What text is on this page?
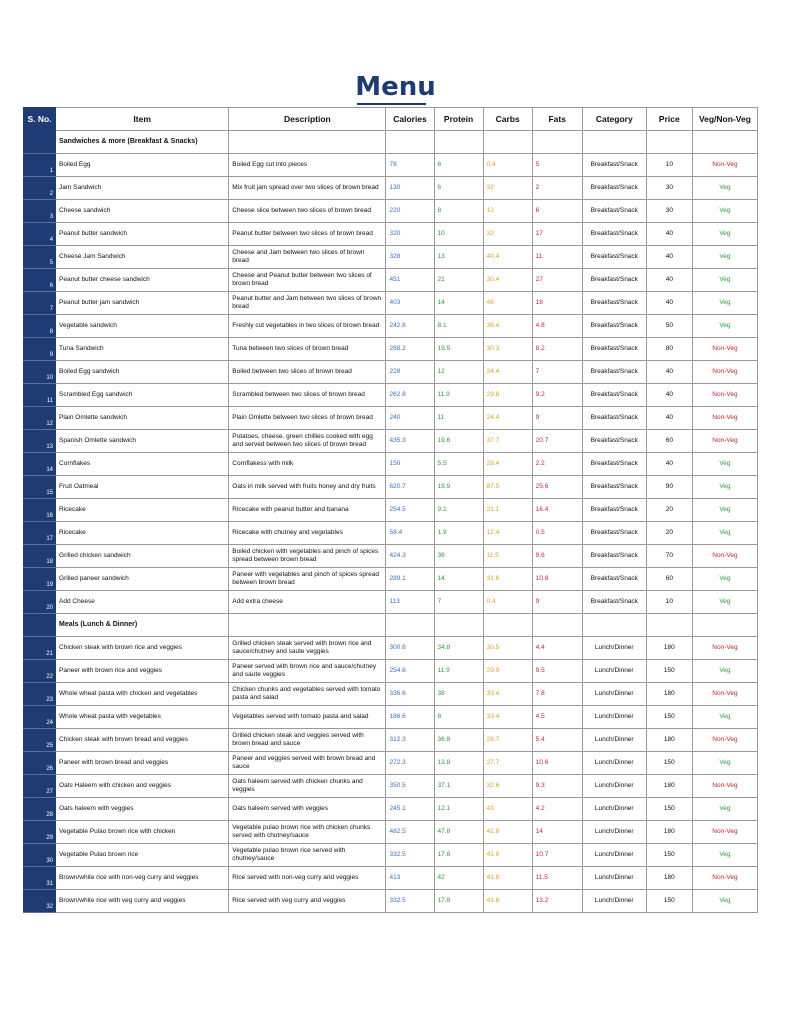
Menu
S. No.	Item	Description	Calories	Protein	Carbs	Fats	Category	Price	Veg/Non-Veg
	Sandwiches & more (Breakfast & Snacks)								
1	Boiled Egg	Boiled Egg cut into pieces	78	6	0.4	5	Breakfast/Snack	10	Non-Veg
2	Jam Sandwich	Mix fruit jam spread over two slices of brown bread	130	6	32	2	Breakfast/Snack	30	Veg
3	Cheese sandwich	Cheese slice between two slices of brown bread	220	8	12	6	Breakfast/Snack	30	Veg
4	Peanut butter sandwich	Peanut butter between two slices of brown bread	320	10	32	17	Breakfast/Snack	40	Veg
5	Cheese Jam Sandwich	Cheese and Jam between two slices of brown bread	328	13	40.4	11	Breakfast/Snack	40	Veg
6	Peanut butter cheese sandwich	Cheese and Peanut butter between two slices of brown bread	451	21	30.4	27	Breakfast/Snack	40	Veg
7	Peanut butter jam sandwich	Peanut butter and Jam between two slices of brown bread	403	14	46	18	Breakfast/Snack	40	Veg
8	Vegetable sandwich	Freshly cut vegetables in two slices of brown bread	242.8	8.1	38.4	4.8	Breakfast/Snack	50	Veg
9	Tuna Sandwich	Tuna between two slices of brown bread	288.2	19.5	30.3	8.2	Breakfast/Snack	80	Non-Veg
10	Boiled Egg sandwich	Boiled between two slices of brown bread	228	12	24.4	7	Breakfast/Snack	40	Non-Veg
11	Scrambled Egg sandwich	Scrambled between two slices of brown bread	262.8	11.9	29.8	9.2	Breakfast/Snack	40	Non-Veg
12	Plain Omlette sandwich	Plain Omlette between two slices of brown bread	240	11	24.4	9	Breakfast/Snack	40	Non-Veg
13	Spanish Omlette sandwich	Potatoes, cheese, green chillies cooked with egg and served between two slices of brown bread	435.3	19.6	37.7	20.7	Breakfast/Snack	60	Non-Veg
14	Cornflakes	Cornflakess with milk	150	5.5	29.4	2.2	Breakfast/Snack	40	Veg
15	Fruit Oatmeal	Oats in milk served with fruits honey and dry fruits	620.7	19.9	87.5	25.6	Breakfast/Snack	90	Veg
16	Ricecake	Ricecake with peanut butter and banana	254.5	9.1	21.1	16.4	Breakfast/Snack	20	Veg
17	Ricecake	Ricecake with chutney and vegetables	58.4	1.9	12.4	0.5	Breakfast/Snack	20	Veg
18	Grilled chicken sandwich	Boiled chicken with vegetables and pinch of spices spread between brown bread	424.3	36	11.5	9.6	Breakfast/Snack	70	Non-Veg
19	Grilled paneer sandwich	Paneer with vegetables and pinch of spices spread between brown bread	289.1	14	31.6	10.8	Breakfast/Snack	60	Veg
20	Add Cheese	Add extra cheese	113	7	0.4	9	Breakfast/Snack	10	Veg
	Meals (Lunch & Dinner)								
21	Chicken steak with brown rice and veggies	Grilled chicken steak served with brown rice and sauce/chutney and saute veggies	300.6	34.8	30.5	4.4	Lunch/Dinner	180	Non-Veg
22	Paneer with brown rice and veggies	Paneer served with brown rice and sauce/chutney and saute veggies	254.6	11.9	29.9	9.5	Lunch/Dinner	150	Veg
23	Whole wheat pasta with chicken and vegetables	Chicken chunks and vegetables served with tomato pasta and salad	336.6	38	33.4	7.8	Lunch/Dinner	180	Non-Veg
24	Whole wheat pasta with vegetables	Vegetables served with tomato pasta and salad	186.6	8	33.4	4.5	Lunch/Dinner	150	Veg
25	Chicken steak with brown bread and veggies	Grilled chicken steak and veggies served with brown bread and sauce	312.3	36.8	26.7	5.4	Lunch/Dinner	180	Non-Veg
26	Paneer with brown bread and veggies	Paneer and veggies served with brown bread and sauce	272.3	13.8	27.7	10.6	Lunch/Dinner	150	Veg
27	Oats Haleem with chicken and veggies	Oats haleem served with chicken chunks and veggies	350.5	37.1	32.6	9.3	Lunch/Dinner	180	Non-Veg
28	Oats haleem with veggies	Oats haleem served with veggies	245.1	12.1	43	4.2	Lunch/Dinner	150	Veg
29	Vegetable Pulao brown rice with chicken	Vegetable pulao brown rice with chicken chunks served with chutney/sauce	482.5	47.8	41.8	14	Lunch/Dinner	180	Non-Veg
30	Vegetable Pulao brown rice	Vegetable pulao brown rice served with chutney/sauce	332.5	17.8	41.8	10.7	Lunch/Dinner	150	Veg
31	Brown/white rice with non-veg curry and veggies	Rice served with non-veg curry and veggies	413	42	41.8	11.5	Lunch/Dinner	180	Non-Veg
32	Brown/white rice with veg curry and veggies	Rice served with veg curry and veggies	332.5	17.8	41.8	13.2	Lunch/Dinner	150	Veg
